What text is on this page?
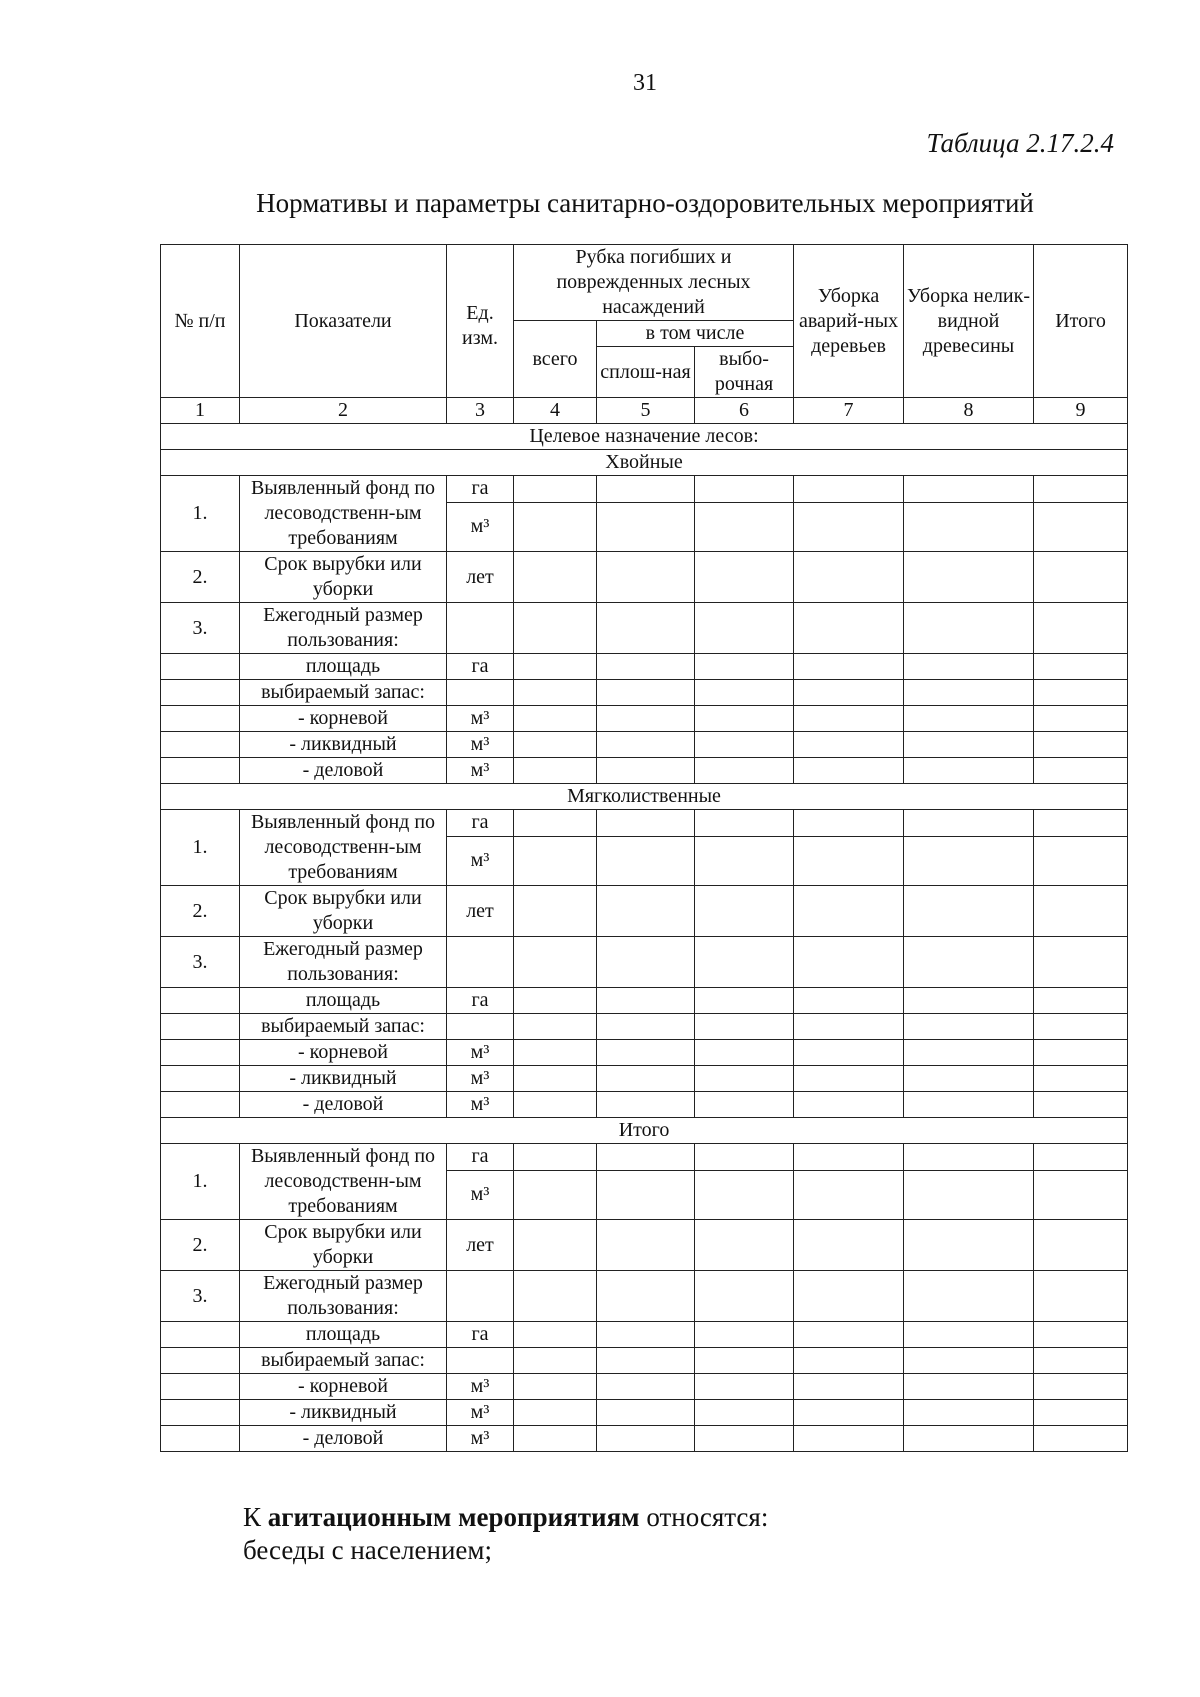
31
Таблица 2.17.2.4
Нормативы и параметры санитарно-оздоровительных мероприятий
№ п/п	Показатели	Ед. изм.	Рубка погибших и поврежденных лесных насаждений			Уборка аварий-ных деревьев	Уборка нелик-видной древесины	Итого

			всего	в том числе				
				сплош-ная	выбо-рочная			

1	2	3	4	5	6	7	8	9
Целевое назначение лесов:								
Хвойные								
1.	Выявленный фонд по лесоводственн-ым требованиям	га						
		м³						
2.	Срок вырубки или уборки	лет						
3.	Ежегодный размер пользования:							
	площадь	га						
	выбираемый запас:							
	- корневой	м³						
	- ликвидный	м³						
	- деловой	м³						
Мягколиственные								
1.	Выявленный фонд по лесоводственн-ым требованиям	га						
		м³						
2.	Срок вырубки или уборки	лет						
3.	Ежегодный размер пользования:							
	площадь	га						
	выбираемый запас:							
	- корневой	м³						
	- ликвидный	м³						
	- деловой	м³						
Итого								
1.	Выявленный фонд по лесоводственн-ым требованиям	га						
		м³						
2.	Срок вырубки или уборки	лет						
3.	Ежегодный размер пользования:							
	площадь	га						
	выбираемый запас:							
	- корневой	м³						
	- ликвидный	м³						
	- деловой	м³						
К агитационным мероприятиям относятся:
беседы с населением;
